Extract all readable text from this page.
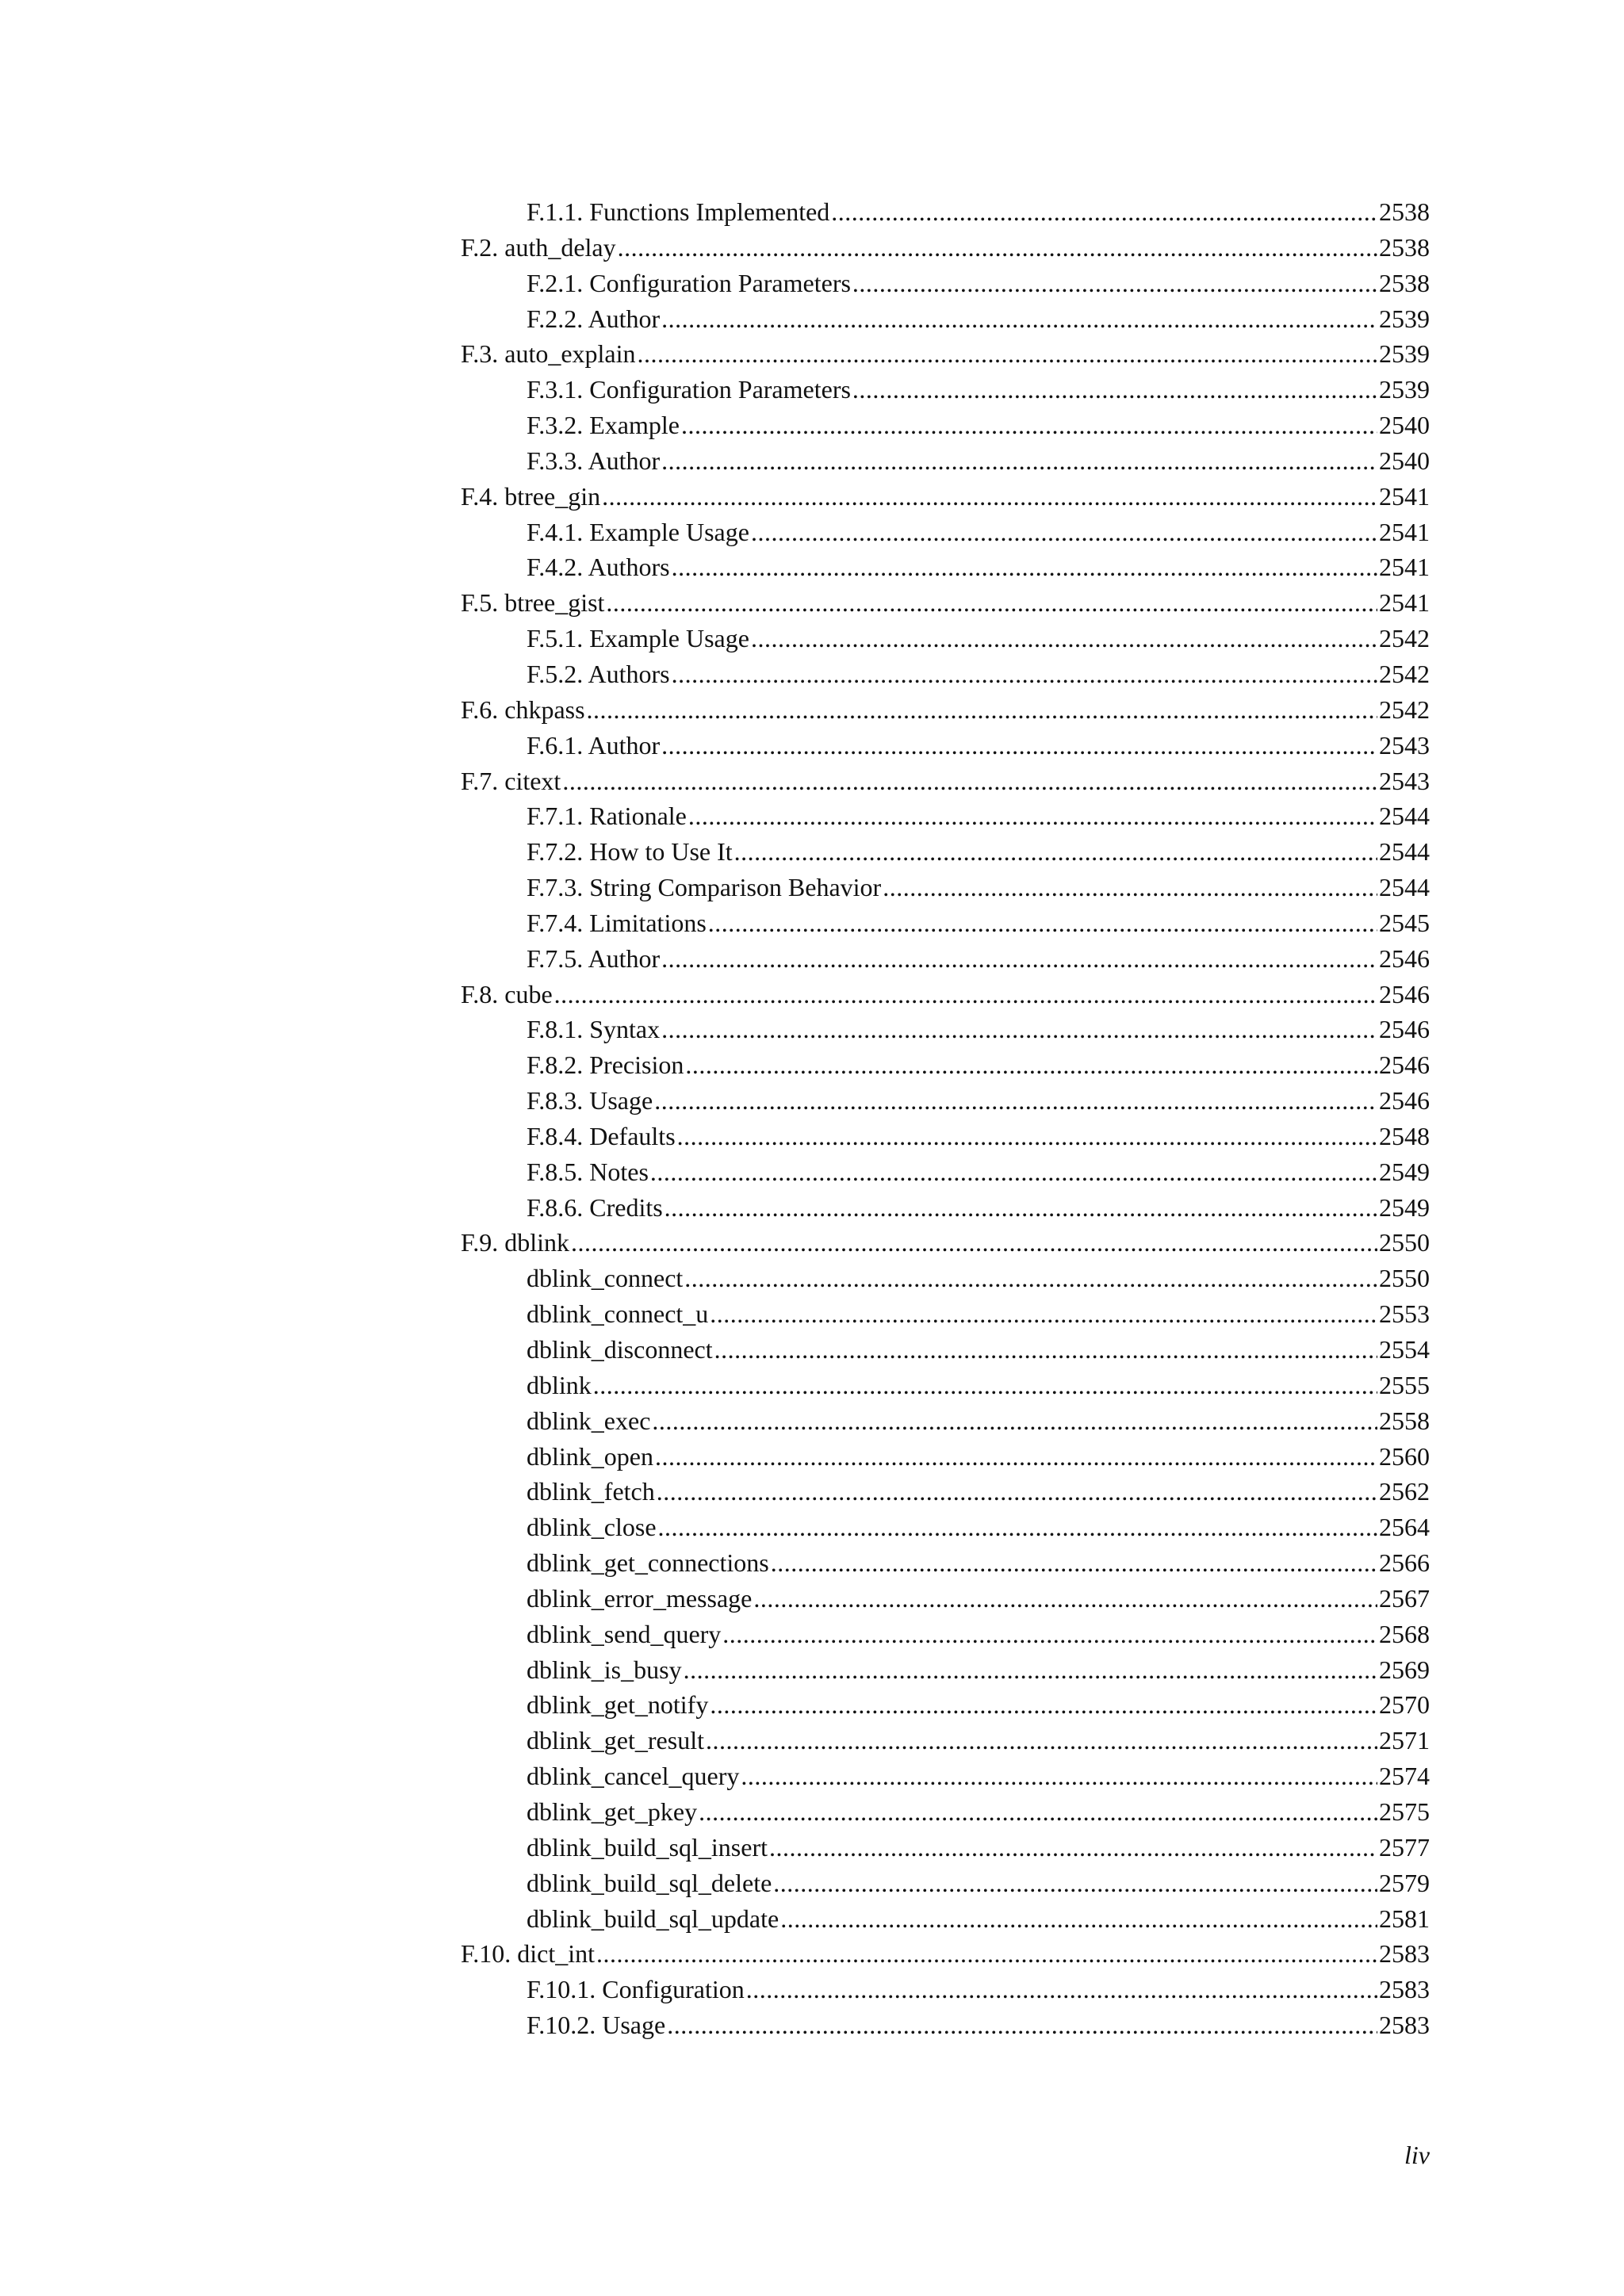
F.1.1. Functions Implemented .....	2538
F.2. auth_delay .....	2538
F.2.1. Configuration Parameters .....	2538
F.2.2. Author .....	2539
F.3. auto_explain .....	2539
F.3.1. Configuration Parameters .....	2539
F.3.2. Example .....	2540
F.3.3. Author .....	2540
F.4. btree_gin .....	2541
F.4.1. Example Usage .....	2541
F.4.2. Authors .....	2541
F.5. btree_gist .....	2541
F.5.1. Example Usage .....	2542
F.5.2. Authors .....	2542
F.6. chkpass .....	2542
F.6.1. Author .....	2543
F.7. citext .....	2543
F.7.1. Rationale .....	2544
F.7.2. How to Use It .....	2544
F.7.3. String Comparison Behavior .....	2544
F.7.4. Limitations .....	2545
F.7.5. Author .....	2546
F.8. cube .....	2546
F.8.1. Syntax .....	2546
F.8.2. Precision .....	2546
F.8.3. Usage .....	2546
F.8.4. Defaults .....	2548
F.8.5. Notes .....	2549
F.8.6. Credits .....	2549
F.9. dblink .....	2550
dblink_connect .....	2550
dblink_connect_u .....	2553
dblink_disconnect .....	2554
dblink .....	2555
dblink_exec .....	2558
dblink_open .....	2560
dblink_fetch .....	2562
dblink_close .....	2564
dblink_get_connections .....	2566
dblink_error_message .....	2567
dblink_send_query .....	2568
dblink_is_busy .....	2569
dblink_get_notify .....	2570
dblink_get_result .....	2571
dblink_cancel_query .....	2574
dblink_get_pkey .....	2575
dblink_build_sql_insert .....	2577
dblink_build_sql_delete .....	2579
dblink_build_sql_update .....	2581
F.10. dict_int .....	2583
F.10.1. Configuration .....	2583
F.10.2. Usage .....	2583
liv
